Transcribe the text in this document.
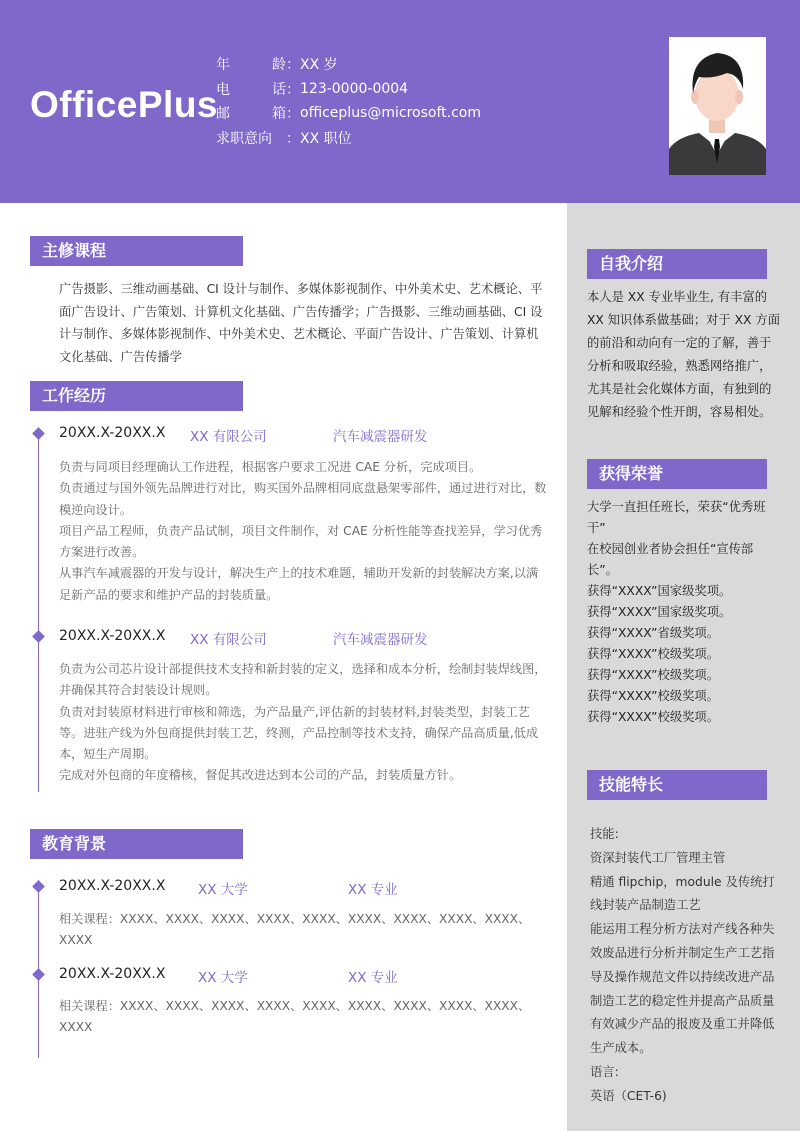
OfficePlus
年	龄 ： XX 岁
电	话 ： 123-0000-0004
邮	箱 ： officeplus@microsoft.com
求职意向 ： XX 职位
主修课程
广告摄影、三维动画基础、CI 设计与制作、多媒体影视制作、中外美术史、艺术概论、平面广告设计、广告策划、计算机文化基础、广告传播学；广告摄影、三维动画基础、CI 设计与制作、多媒体影视制作、中外美术史、艺术概论、平面广告设计、广告策划、计算机文化基础、广告传播学
工作经历
20XX.X-20XX.X XX 有限公司	汽车减震器研发
负责与同项目经理确认工作进程，根据客户要求工况进 CAE 分析，完成项目。
负责通过与国外领先品牌进行对比，购买国外品牌相同底盘悬架零部件，通过进行对比，数模逆向设计。
项目产品工程师，负责产品试制，项目文件制作，对 CAE 分析性能等查找差异，学习优秀方案进行改善。
从事汽车减震器的开发与设计，解决生产上的技术难题，辅助开发新的封装解决方案,以满足新产品的要求和维护产品的封装质量。
20XX.X-20XX.X XX 有限公司	汽车减震器研发
负责为公司芯片设计部提供技术支持和新封装的定义，选择和成本分析，绘制封装焊线图，并确保其符合封装设计规则。
负责对封装原材料进行审核和筛选，为产品量产,评估新的封装材料,封装类型，封装工艺等。进驻产线为外包商提供封装工艺，终测，产品控制等技术支持，确保产品高质量,低成本，短生产周期。
完成对外包商的年度稽核，督促其改进达到本公司的产品，封装质量方针。
教育背景
20XX.X-20XX.X XX 大学	XX 专业
相关课程：XXXX、XXXX、XXXX、XXXX、XXXX、XXXX、XXXX、XXXX、XXXX、XXXX
20XX.X-20XX.X XX 大学	XX 专业
相关课程：XXXX、XXXX、XXXX、XXXX、XXXX、XXXX、XXXX、XXXX、XXXX、XXXX
自我介绍
本人是 XX 专业毕业生, 有丰富的 XX 知识体系做基础；对于 XX 方面的前沿和动向有一定的了解，善于分析和吸取经验，熟悉网络推广，尤其是社会化媒体方面，有独到的见解和经验个性开朗，容易相处。
获得荣誉
大学一直担任班长，荣获“优秀班干”
在校园创业者协会担任“宣传部长”。
获得“XXXX”国家级奖项。
获得“XXXX”国家级奖项。
获得“XXXX”省级奖项。
获得“XXXX”校级奖项。
获得“XXXX”校级奖项。
获得“XXXX”校级奖项。
获得“XXXX”校级奖项。
技能特长
技能:
资深封装代工厂管理主管
精通 flipchip，module 及传统打线封装产品制造工艺
能运用工程分析方法对产线各种失效废品进行分析并制定生产工艺指导及操作规范文件以持续改进产品制造工艺的稳定性并提高产品质量有效减少产品的报废及重工并降低生产成本。
语言:
英语（CET-6)
